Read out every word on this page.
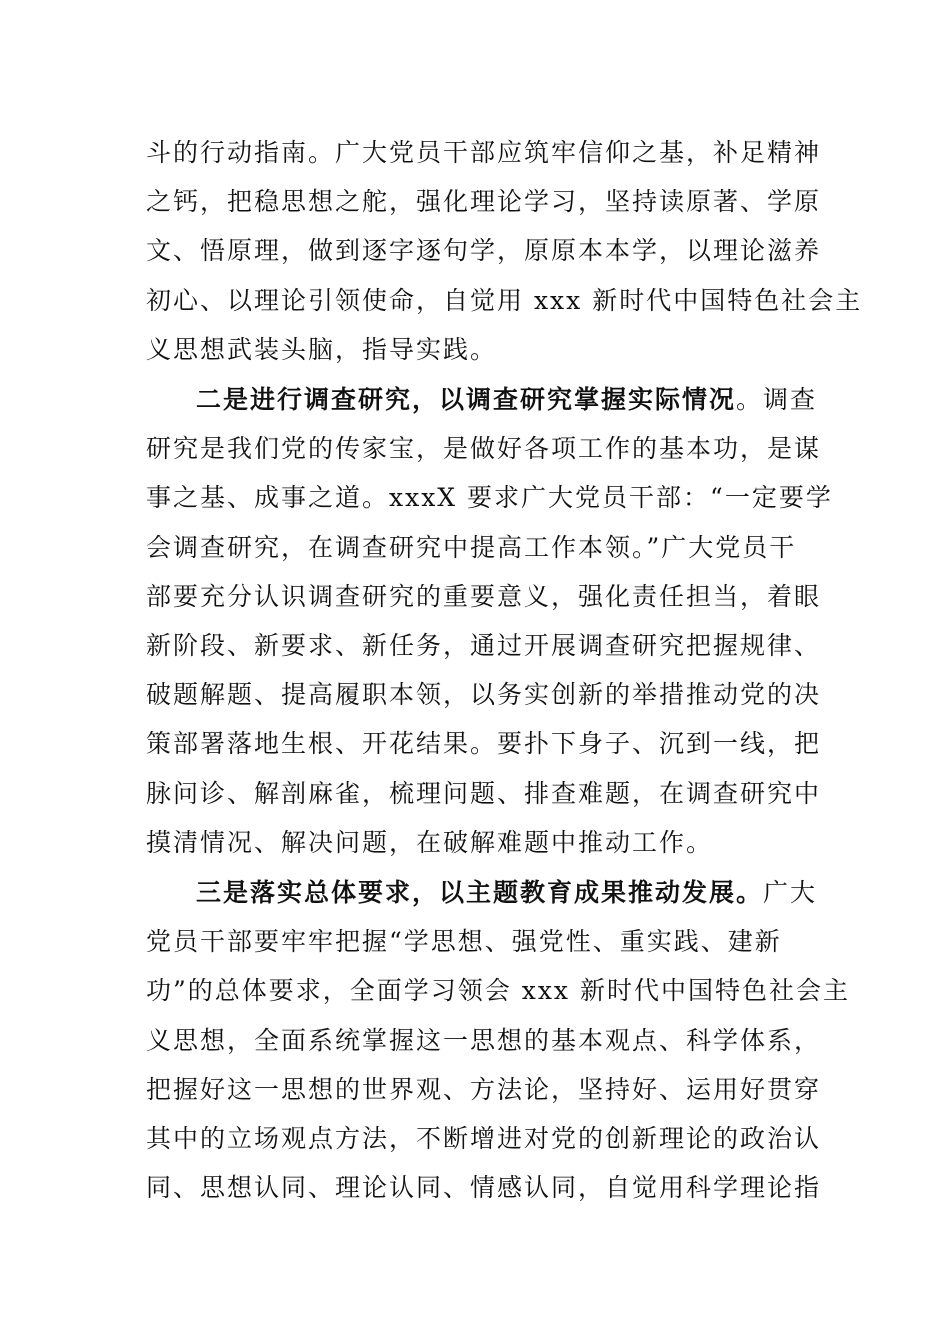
斗的行动指南。广大党员干部应筑牢信仰之基，补足精神
之钙，把稳思想之舵，强化理论学习，坚持读原著、学原
文、悟原理，做到逐字逐句学，原原本本学，以理论滋养
初心、以理论引领使命，自觉用 xxx 新时代中国特色社会主
义思想武装头脑，指导实践。
二是进行调查研究，以调查研究掌握实际情况 。调查
研究是我们党的传家宝，是做好各项工作的基本功，是谋
事之基、成事之道。xxxX 要求广大党员干部：“一定要学
会调查研究，在调查研究中提高工作本领。”广大党员干
部要充分认识调查研究的重要意义，强化责任担当，着眼
新阶段、新要求、新任务，通过开展调查研究把握规律、
破题解题、提高履职本领，以务实创新的举措推动党的决
策部署落地生根、开花结果。要扑下身子、沉到一线，把
脉问诊、解剖麻雀，梳理问题、排查难题，在调查研究中
摸清情况、解决问题，在破解难题中推动工作。
三是落实总体要求，以主题教育成果推动发展。 广大
党员干部要牢牢把握“学思想、强党性、重实践、建新
功”的总体要求，全面学习领会 xxx 新时代中国特色社会主
义思想，全面系统掌握这一思想的基本观点、科学体系，
把握好这一思想的世界观、方法论，坚持好、运用好贯穿
其中的立场观点方法，不断增进对党的创新理论的政治认
同、思想认同、理论认同、情感认同，自觉用科学理论指
